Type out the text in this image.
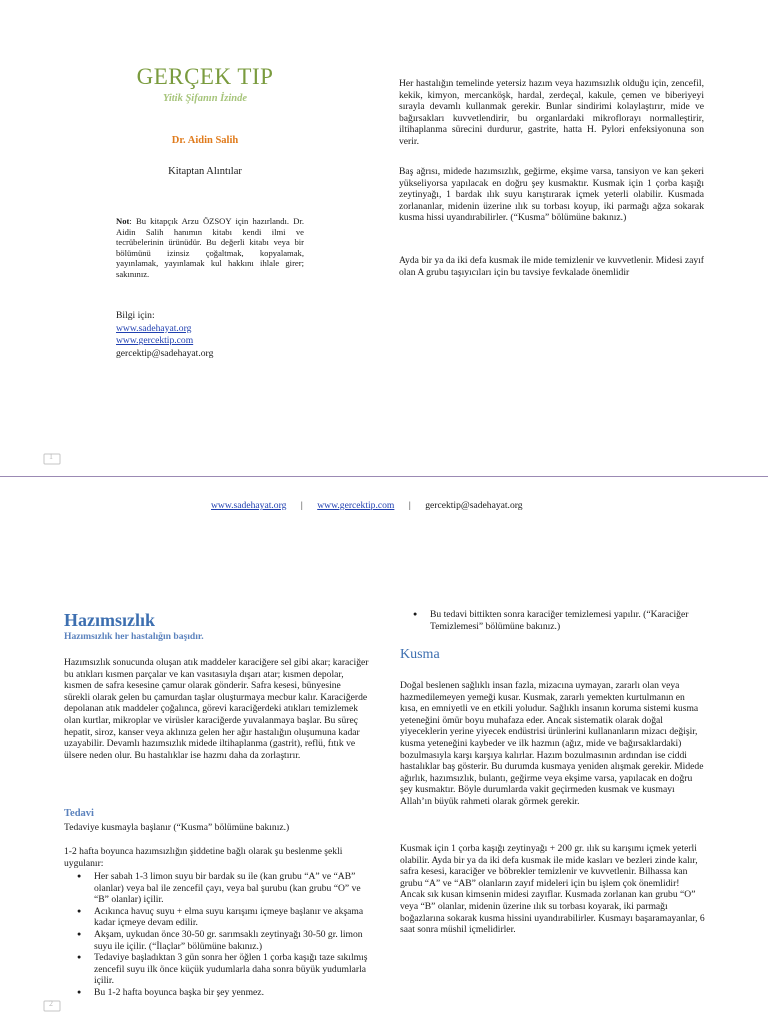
GERÇEK TIP
Yitik Şifanın İzinde
Dr. Aidin Salih
Kitaptan Alıntılar
Not: Bu kitapçık Arzu ÖZSOY için hazırlandı. Dr. Aidin Salih hanımın kitabı kendi ilmi ve tecrübelerinin ürünüdür. Bu değerli kitabı veya bir bölümünü izinsiz çoğaltmak, kopyalamak, yayınlamak, yayınlamak kul hakkını ihlale girer; sakınınız.
Bilgi için:
www.sadehayat.org
www.gercektip.com
gercektip@sadehayat.org
Her hastalığın temelinde yetersiz hazım veya hazımsızlık olduğu için, zencefil, kekik, kimyon, mercanköşk, hardal, zerdeçal, kakule, çemen ve biberiyeyi sırayla devamlı kullanmak gerekir. Bunlar sindirimi kolaylaştırır, mide ve bağırsakları kuvvetlendirir, bu organlardaki mikroflorayı normalleştirir, iltihaplanma sürecini durdurur, gastrite, hatta H. Pylori enfeksiyonuna son verir.
Baş ağrısı, midede hazımsızlık, geğirme, ekşime varsa, tansiyon ve kan şekeri yükseliyorsa yapılacak en doğru şey kusmaktır. Kusmak için 1 çorba kaşığı zeytinyağı, 1 bardak ılık suyu karıştırarak içmek yeterli olabilir. Kusmada zorlananlar, midenin üzerine ılık su torbası koyup, iki parmağı ağza sokarak kusma hissi uyandırabilirler. (“Kusma” bölümüne bakınız.)
Ayda bir ya da iki defa kusmak ile mide temizlenir ve kuvvetlenir. Midesi zayıf olan A grubu taşıyıcıları için bu tavsiye fevkalade önemlidir
1
www.sadehayat.org | www.gercektip.com | gercektip@sadehayat.org
Hazımsızlık
Hazımsızlık her hastalığın başıdır.
Hazımsızlık sonucunda oluşan atık maddeler karaciğere sel gibi akar; karaciğer bu atıkları kısmen parçalar ve kan vasıtasıyla dışarı atar; kısmen depolar, kısmen de safra kesesine çamur olarak gönderir. Safra kesesi, bünyesine sürekli olarak gelen bu çamurdan taşlar oluşturmaya mecbur kalır. Karaciğerde depolanan atık maddeler çoğalınca, görevi karaciğerdeki atıkları temizlemek olan kurtlar, mikroplar ve virüsler karaciğerde yuvalanmaya başlar. Bu süreç hepatit, siroz, kanser veya aklınıza gelen her ağır hastalığın oluşumuna kadar uzayabilir. Devamlı hazımsızlık midede iltihaplanma (gastrit), reflü, fıtık ve ülsere neden olur. Bu hastalıklar ise hazmı daha da zorlaştırır.
Tedavi
Tedaviye kusmayla başlanır (“Kusma” bölümüne bakınız.)
1-2 hafta boyunca hazımsızlığın şiddetine bağlı olarak şu beslenme şekli uygulanır:
● Her sabah 1-3 limon suyu bir bardak su ile (kan grubu “A” ve “AB” olanlar) veya bal ile zencefil çayı, veya bal şurubu (kan grubu “O” ve “B” olanlar) içilir.
● Acıkınca havuç suyu + elma suyu karışımı içmeye başlanır ve akşama kadar içmeye devam edilir.
● Akşam, uykudan önce 30-50 gr. sarımsaklı zeytinyağı 30-50 gr. limon suyu ile içilir. (“İlaçlar” bölümüne bakınız.)
● Tedaviye başladıktan 3 gün sonra her öğlen 1 çorba kaşığı taze sıkılmış zencefil suyu ilk önce küçük yudumlarla daha sonra büyük yudumlarla içilir.
● Bu 1-2 hafta boyunca başka bir şey yenmez.
● Bu tedavi bittikten sonra karaciğer temizlemesi yapılır. (“Karaciğer Temizlemesi” bölümüne bakınız.)
Kusma
Doğal beslenen sağlıklı insan fazla, mizacına uymayan, zararlı olan veya hazmedilemeyen yemeği kusar. Kusmak, zararlı yemekten kurtulmanın en kısa, en emniyetli ve en etkili yoludur. Sağlıklı insanın koruma sistemi kusma yeteneğini ömür boyu muhafaza eder. Ancak sistematik olarak doğal yiyeceklerin yerine yiyecek endüstrisi ürünlerini kullananların mizacı değişir, kusma yeteneğini kaybeder ve ilk hazmın (ağız, mide ve bağırsaklardaki) bozulmasıyla karşı karşıya kalırlar. Hazım bozulmasının ardından ise ciddi hastalıklar baş gösterir. Bu durumda kusmaya yeniden alışmak gerekir. Midede ağırlık, hazımsızlık, bulantı, geğirme veya ekşime varsa, yapılacak en doğru şey kusmaktır. Böyle durumlarda vakit geçirmeden kusmak ve kusmayı Allah’ın büyük rahmeti olarak görmek gerekir.
Kusmak için 1 çorba kaşığı zeytinyağı + 200 gr. ılık su karışımı içmek yeterli olabilir. Ayda bir ya da iki defa kusmak ile mide kasları ve bezleri zinde kalır, safra kesesi, karaciğer ve böbrekler temizlenir ve kuvvetlenir. Bilhassa kan grubu “A” ve “AB” olanların zayıf mideleri için bu işlem çok önemlidir! Ancak sık kusan kimsenin midesi zayıflar. Kusmada zorlanan kan grubu “O” veya “B” olanlar, midenin üzerine ılık su torbası koyarak, iki parmağı boğazlarına sokarak kusma hissini uyandırabilirler. Kusmayı başaramayanlar, 6 saat sonra müshil içmelidirler.
2
